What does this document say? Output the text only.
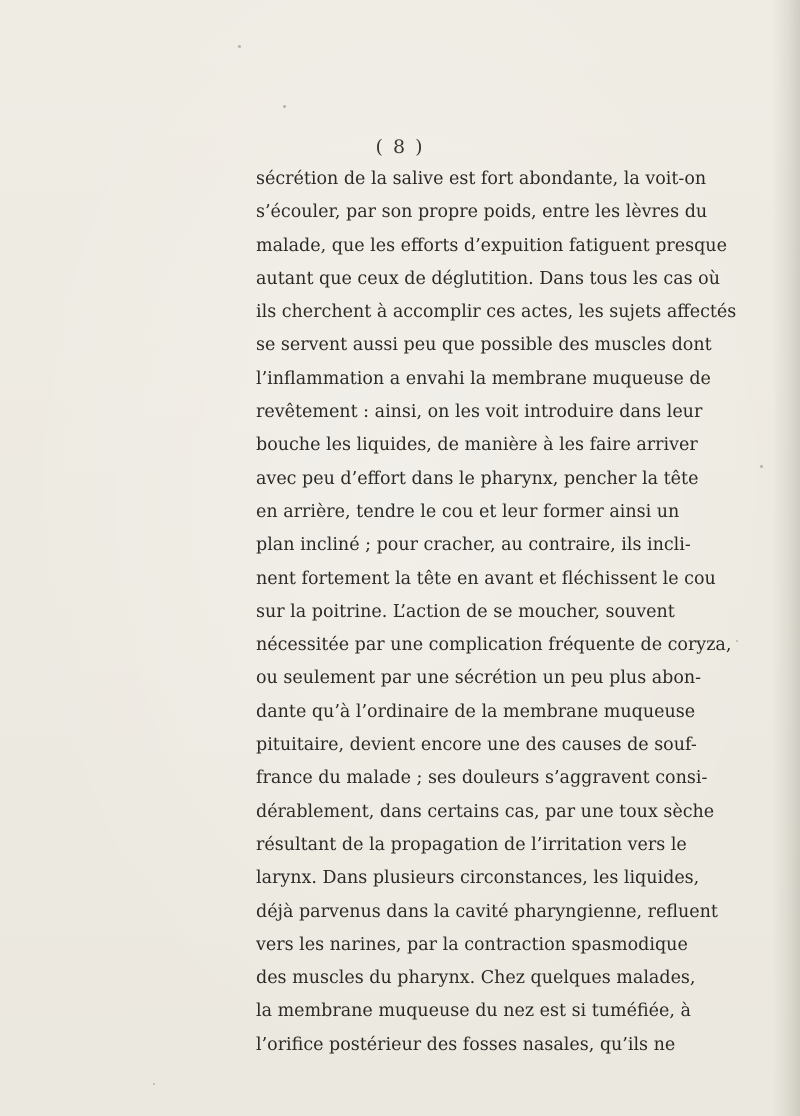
( 8 )
sécrétion de la salive est fort abondante, la voit-on
s’écouler, par son propre poids, entre les lèvres du
malade, que les efforts d’expuition fatiguent presque
autant que ceux de déglutition. Dans tous les cas où
ils cherchent à accomplir ces actes, les sujets affectés
se servent aussi peu que possible des muscles dont
l’inflammation a envahi la membrane muqueuse de
revêtement : ainsi, on les voit introduire dans leur
bouche les liquides, de manière à les faire arriver
avec peu d’effort dans le pharynx, pencher la tête
en arrière, tendre le cou et leur former ainsi un
plan incliné ; pour cracher, au contraire, ils incli-
nent fortement la tête en avant et fléchissent le cou
sur la poitrine. L’action de se moucher, souvent
nécessitée par une complication fréquente de coryza,
ou seulement par une sécrétion un peu plus abon-
dante qu’à l’ordinaire de la membrane muqueuse
pituitaire, devient encore une des causes de souf-
france du malade ; ses douleurs s’aggravent consi-
dérablement, dans certains cas, par une toux sèche
résultant de la propagation de l’irritation vers le
larynx. Dans plusieurs circonstances, les liquides,
déjà parvenus dans la cavité pharyngienne, refluent
vers les narines, par la contraction spasmodique
des muscles du pharynx. Chez quelques malades,
la membrane muqueuse du nez est si tuméfiée, à
l’orifice postérieur des fosses nasales, qu’ils ne
